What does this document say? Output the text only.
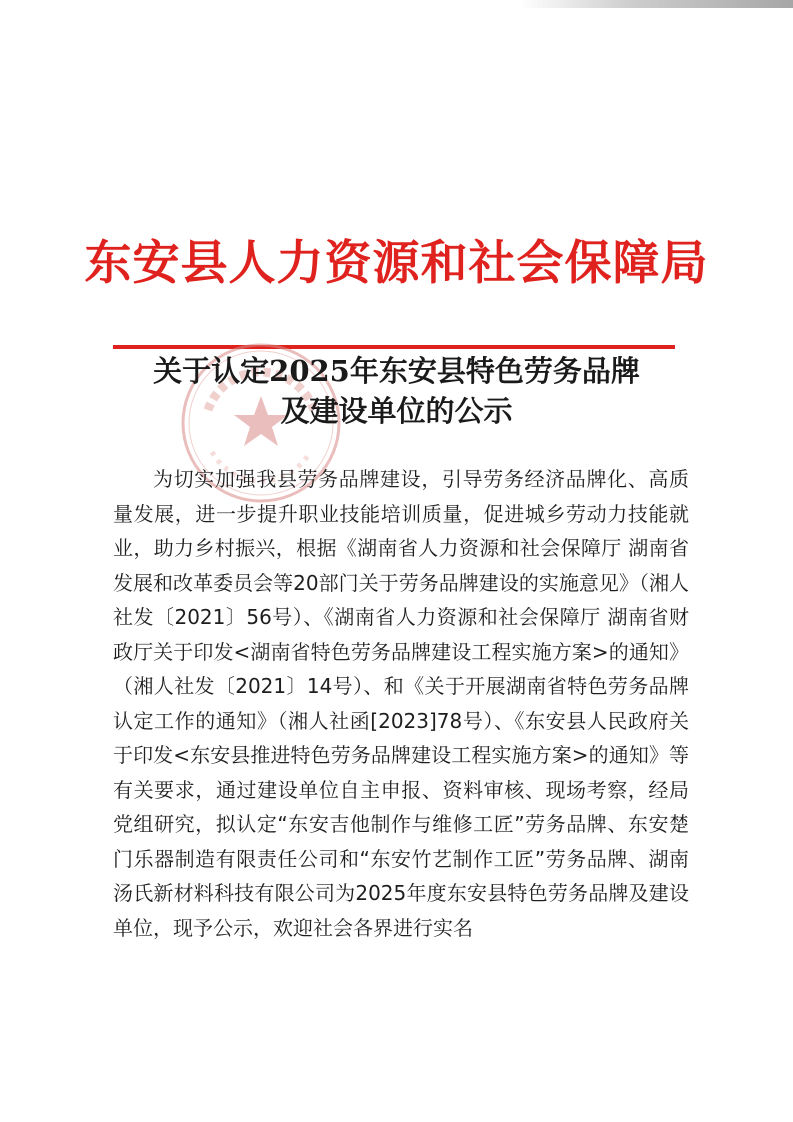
东安县人力资源和社会保障局
关于认定2025年东安县特色劳务品牌
及建设单位的公示

为切实加强我县劳务品牌建设，引导劳务经济品牌化、高质量发展，进一步提升职业技能培训质量，促进城乡劳动力技能就业，助力乡村振兴，根据《湖南省人力资源和社会保障厅 湖南省发展和改革委员会等20部门关于劳务品牌建设的实施意见》（湘人社发〔2021〕56号）、《湖南省人力资源和社会保障厅 湖南省财政厅关于印发<湖南省特色劳务品牌建设工程实施方案>的通知》（湘人社发〔2021〕14号）、和《关于开展湖南省特色劳务品牌认定工作的通知》（湘人社函[2023]78号）、《东安县人民政府关于印发<东安县推进特色劳务品牌建设工程实施方案>的通知》等有关要求，通过建设单位自主申报、资料审核、现场考察，经局党组研究，拟认定“东安吉他制作与维修工匠”劳务品牌、东安楚门乐器制造有限责任公司和“东安竹艺制作工匠”劳务品牌、湖南汤氏新材料科技有限公司为2025年度东安县特色劳务品牌及建设单位，现予公示，欢迎社会各界进行实名
